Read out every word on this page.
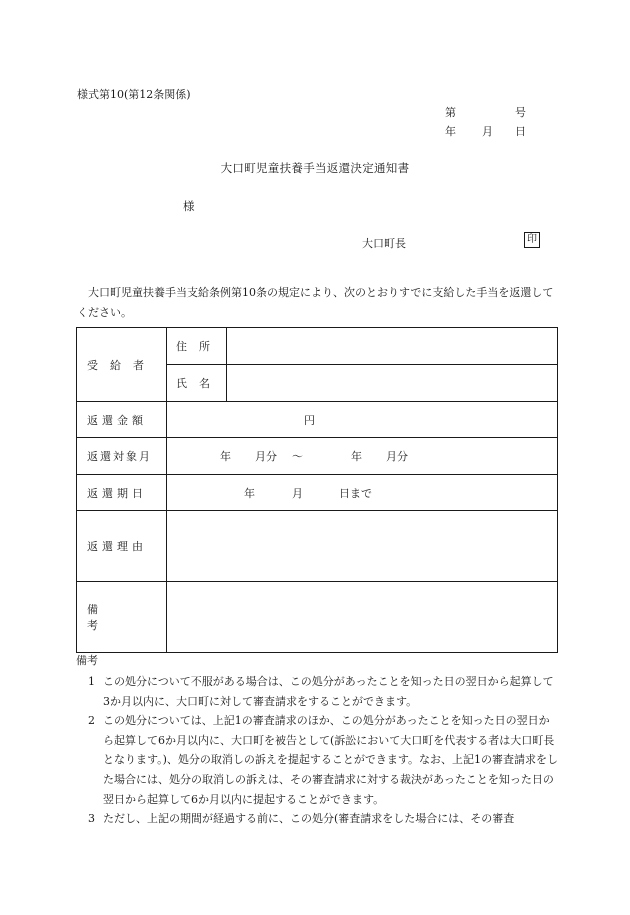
様式第10(第12条関係)
第	号
年 月 日
大口町児童扶養手当返還決定通知書
様
大口町長	印

大口町児童扶養手当支給条例第10条の規定により、次のとおりすでに支給した手当を返還してください。

受給者	住所	
	氏名	
返還金額	円	

返還対象月	年 月分 〜 年 月分	

返還期日	年 月 日まで	

返還理由		
備考		
備考

1 この処分について不服がある場合は、この処分があったことを知った日の翌日から起算して3か月以内に、大口町に対して審査請求をすることができます。

2 この処分については、上記1の審査請求のほか、この処分があったことを知った日の翌日から起算して6か月以内に、大口町を被告として(訴訟において大口町を代表する者は大口町長となります。)、処分の取消しの訴えを提起することができます。なお、上記1の審査請求をした場合には、処分の取消しの訴えは、その審査請求に対する裁決があったことを知った日の翌日から起算して6か月以内に提起することができます。

3 ただし、上記の期間が経過する前に、この処分(審査請求をした場合には、その審査
